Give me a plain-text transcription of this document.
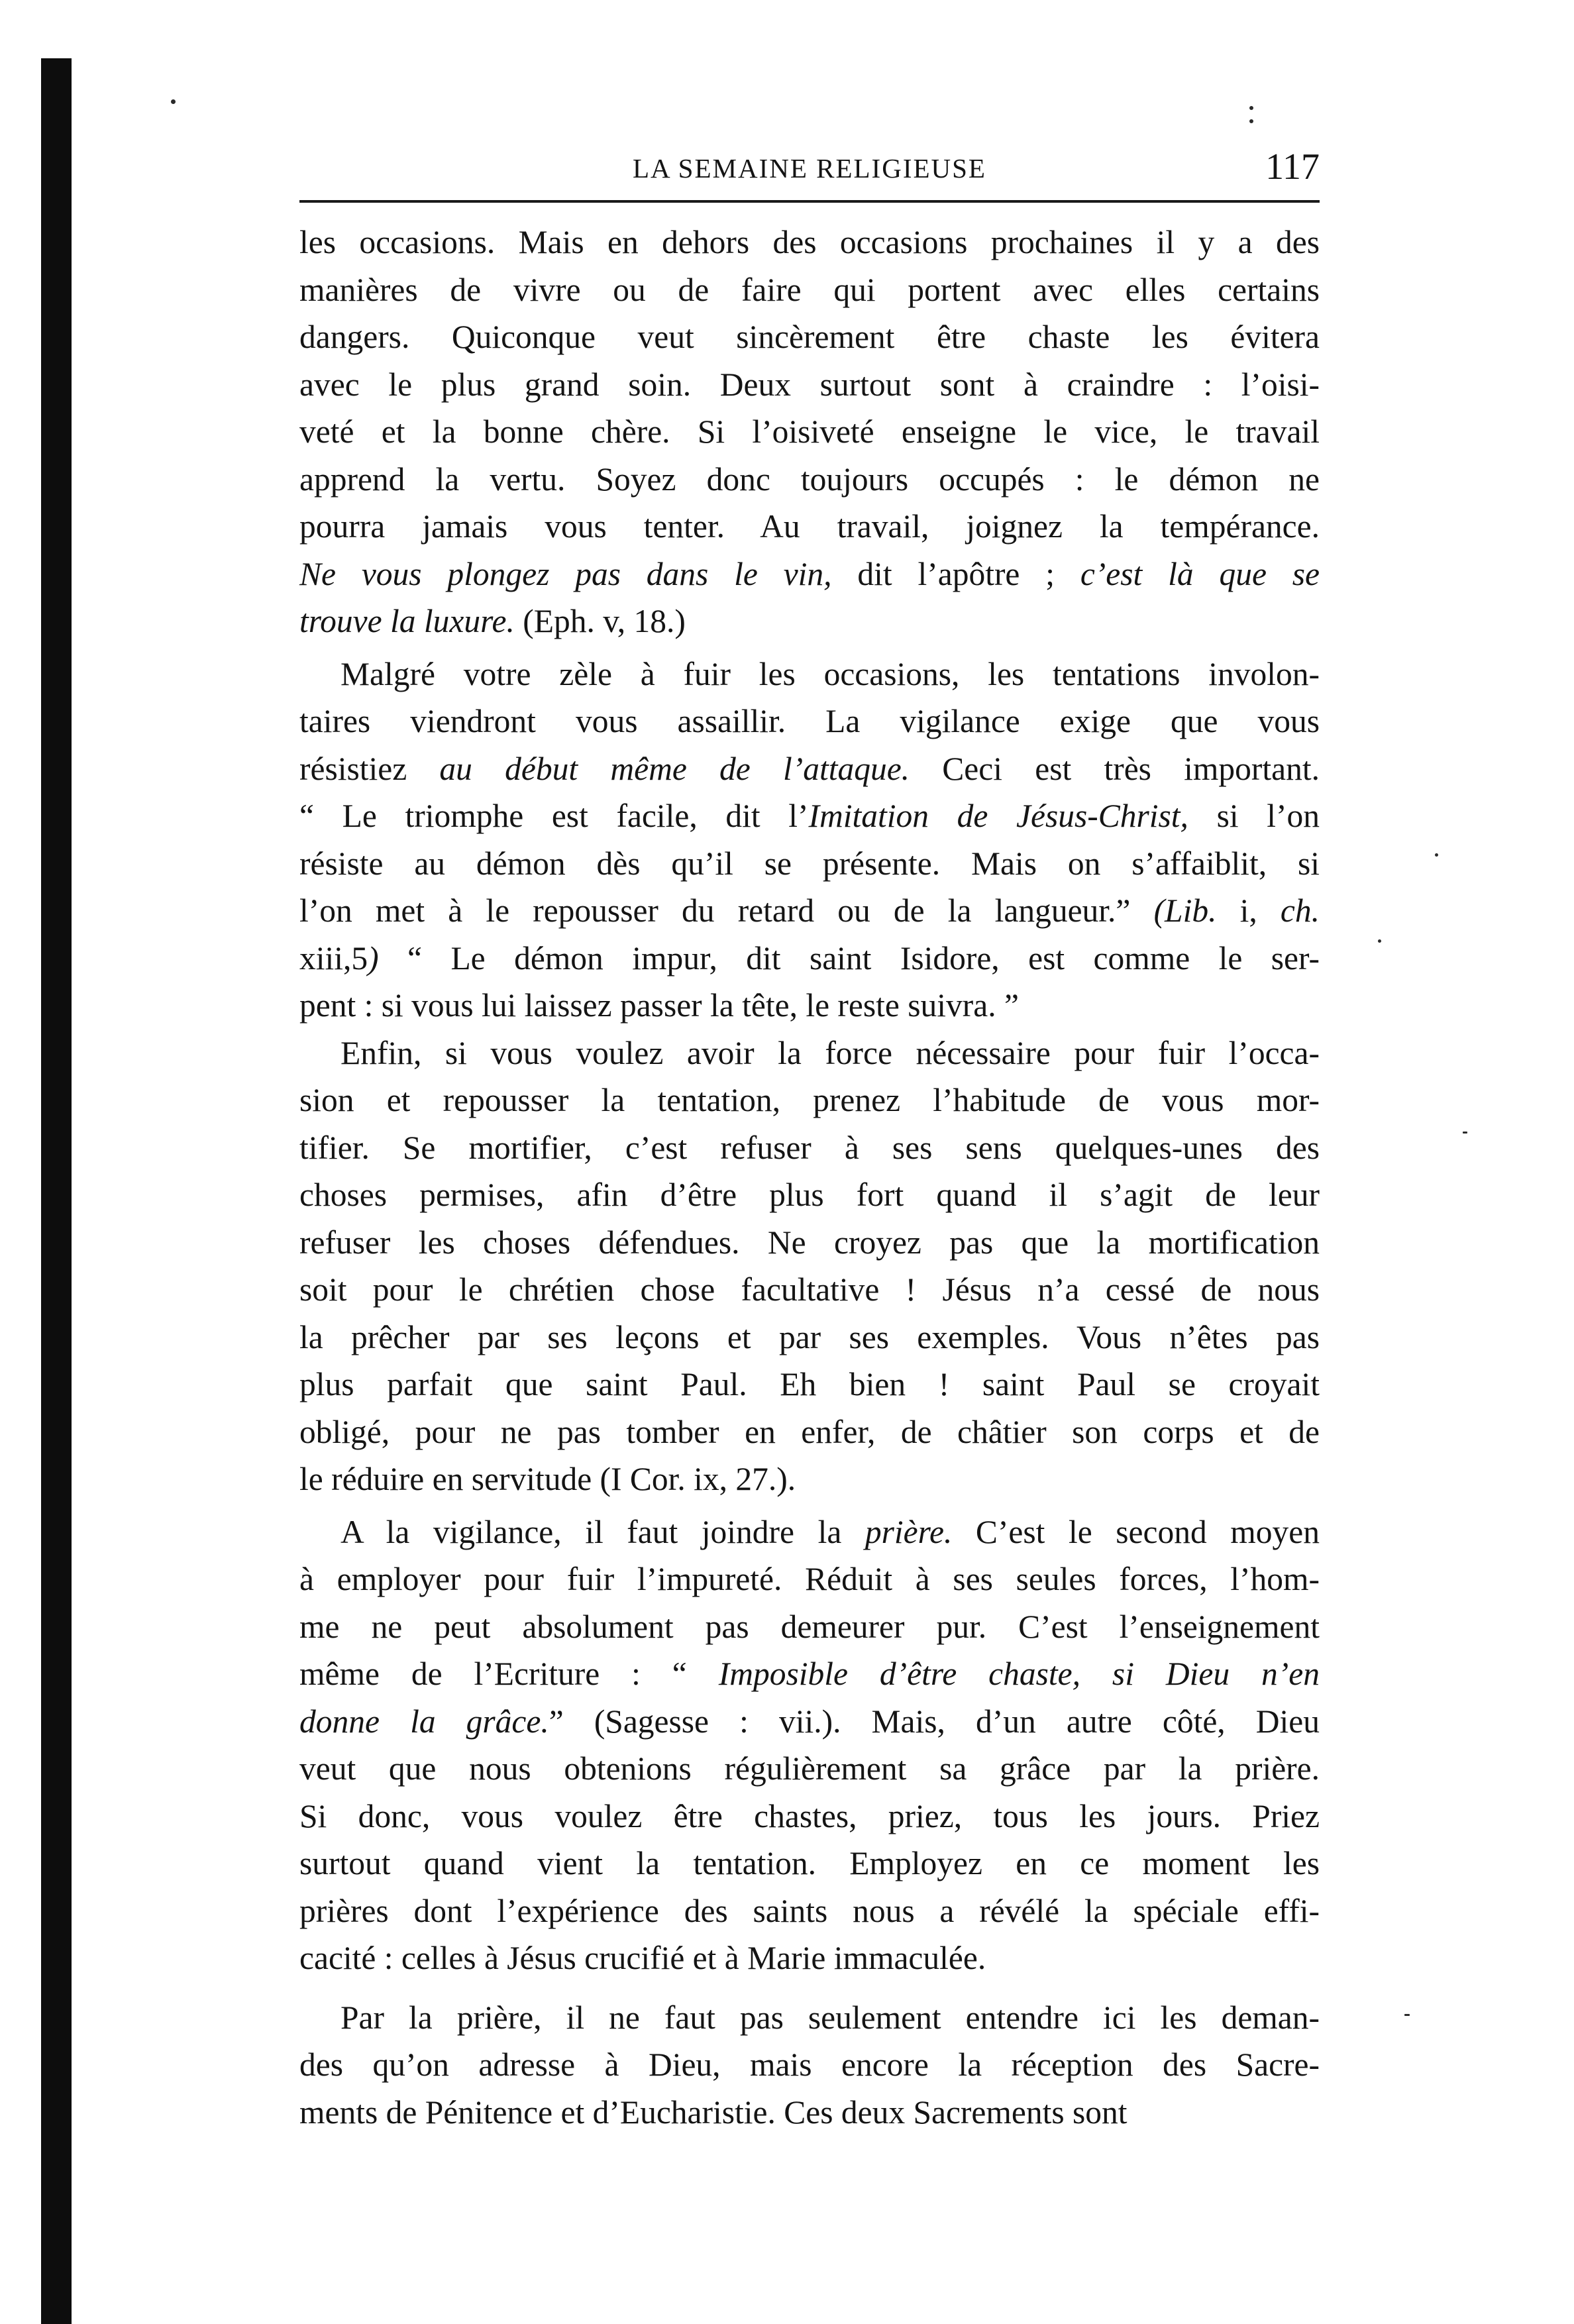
LA SEMAINE RELIGIEUSE	117
les occasions. Mais en dehors des occasions prochaines il y a des
manières de vivre ou de faire qui portent avec elles certains
dangers. Quiconque veut sincèrement être chaste les évitera
avec le plus grand soin. Deux surtout sont à craindre : l’oisi-
veté et la bonne chère. Si l’oisiveté enseigne le vice, le travail
apprend la vertu. Soyez donc toujours occupés : le démon ne
pourra jamais vous tenter. Au travail, joignez la tempérance.
Ne vous plongez pas dans le vin, dit l’apôtre ; c’est là que se
trouve la luxure. (Eph. v, 18.)
Malgré votre zèle à fuir les occasions, les tentations involon-
taires viendront vous assaillir. La vigilance exige que vous
résistiez au début même de l’attaque. Ceci est très important.
“ Le triomphe est facile, dit l’Imitation de Jésus-Christ, si l’on
résiste au démon dès qu’il se présente. Mais on s’affaiblit, si
l’on met à le repousser du retard ou de la langueur.” (Lib. i, ch.
xiii,5) “ Le démon impur, dit saint Isidore, est comme le ser-
pent : si vous lui laissez passer la tête, le reste suivra. ”
Enfin, si vous voulez avoir la force nécessaire pour fuir l’occa-
sion et repousser la tentation, prenez l’habitude de vous mor-
tifier. Se mortifier, c’est refuser à ses sens quelques-unes des
choses permises, afin d’être plus fort quand il s’agit de leur
refuser les choses défendues. Ne croyez pas que la mortification
soit pour le chrétien chose facultative ! Jésus n’a cessé de nous
la prêcher par ses leçons et par ses exemples. Vous n’êtes pas
plus parfait que saint Paul. Eh bien ! saint Paul se croyait
obligé, pour ne pas tomber en enfer, de châtier son corps et de
le réduire en servitude (I Cor. ix, 27.).
A la vigilance, il faut joindre la prière. C’est le second moyen
à employer pour fuir l’impureté. Réduit à ses seules forces, l’hom-
me ne peut absolument pas demeurer pur. C’est l’enseignement
même de l’Ecriture : “ Imposible d’être chaste, si Dieu n’en
donne la grâce.” (Sagesse : vii.). Mais, d’un autre côté, Dieu
veut que nous obtenions régulièrement sa grâce par la prière.
Si donc, vous voulez être chastes, priez, tous les jours. Priez
surtout quand vient la tentation. Employez en ce moment les
prières dont l’expérience des saints nous a révélé la spéciale effi-
cacité : celles à Jésus crucifié et à Marie immaculée.
Par la prière, il ne faut pas seulement entendre ici les deman-
des qu’on adresse à Dieu, mais encore la réception des Sacre-
ments de Pénitence et d’Eucharistie. Ces deux Sacrements sont
